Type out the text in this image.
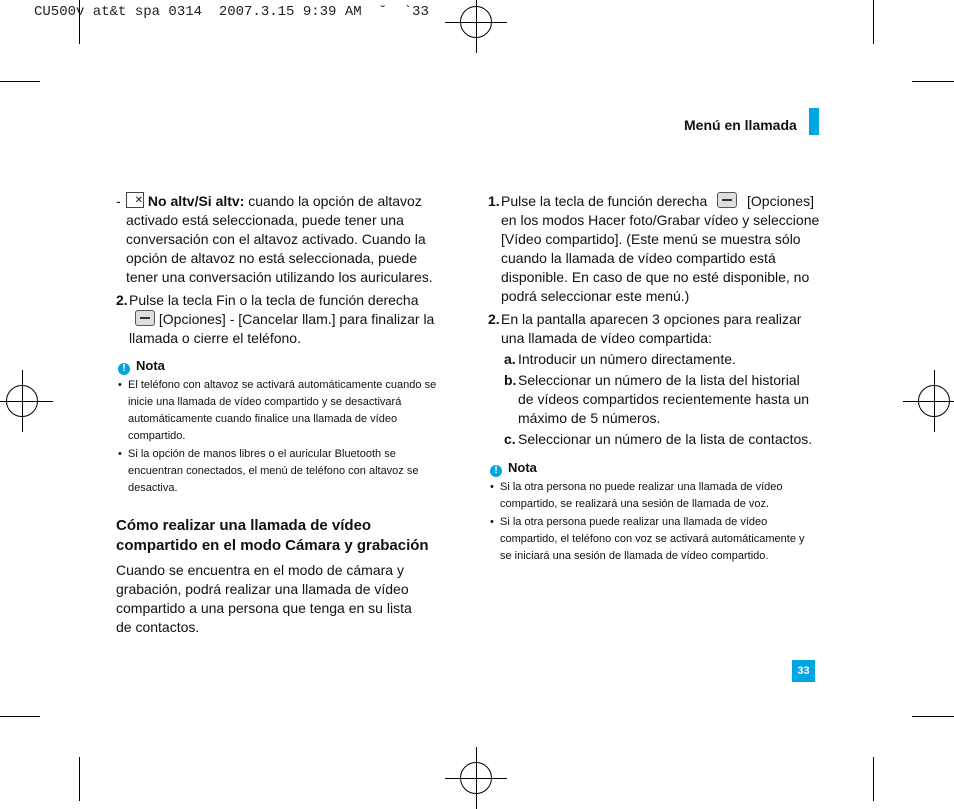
CU500v at&t spa 0314  2007.3.15 9:39 AM  ˘  `33
Menú en llamada
-
✕	No altv/Si altv: cuando la opción de altavoz activado está seleccionada, puede tener una conversación con el altavoz activado. Cuando la opción de altavoz no está seleccionada, puede tener una conversación utilizando los auriculares.
2. Pulse la tecla Fin o la tecla de función derecha  [Opciones] - [Cancelar llam.] para finalizar la llamada o cierre el teléfono.
! Nota
• El teléfono con altavoz se activará automáticamente cuando se inicie una llamada de vídeo compartido y se desactivará automáticamente cuando finalice una llamada de vídeo compartido.
• Si la opción de manos libres o el auricular Bluetooth se encuentran conectados, el menú de teléfono con altavoz se desactiva.
Cómo realizar una llamada de vídeo compartido en el modo Cámara y grabación
Cuando se encuentra en el modo de cámara y grabación, podrá realizar una llamada de vídeo compartido a una persona que tenga en su lista de contactos.
1. Pulse la tecla de función derecha	[Opciones] en los modos Hacer foto/Grabar vídeo y seleccione [Vídeo compartido]. (Este menú se muestra sólo cuando la llamada de vídeo compartido está disponible. En caso de que no esté disponible, no podrá seleccionar este menú.)
2. En la pantalla aparecen 3 opciones para realizar una llamada de vídeo compartida:
a. Introducir un número directamente.
b. Seleccionar un número de la lista del historial de vídeos compartidos recientemente hasta un máximo de 5 números.
c. Seleccionar un número de la lista de contactos.
! Nota
• Si la otra persona no puede realizar una llamada de vídeo compartido, se realizará una sesión de llamada de voz.
• Si la otra persona puede realizar una llamada de vídeo compartido, el teléfono con voz se activará automáticamente y se iniciará una sesión de llamada de vídeo compartido.
33
